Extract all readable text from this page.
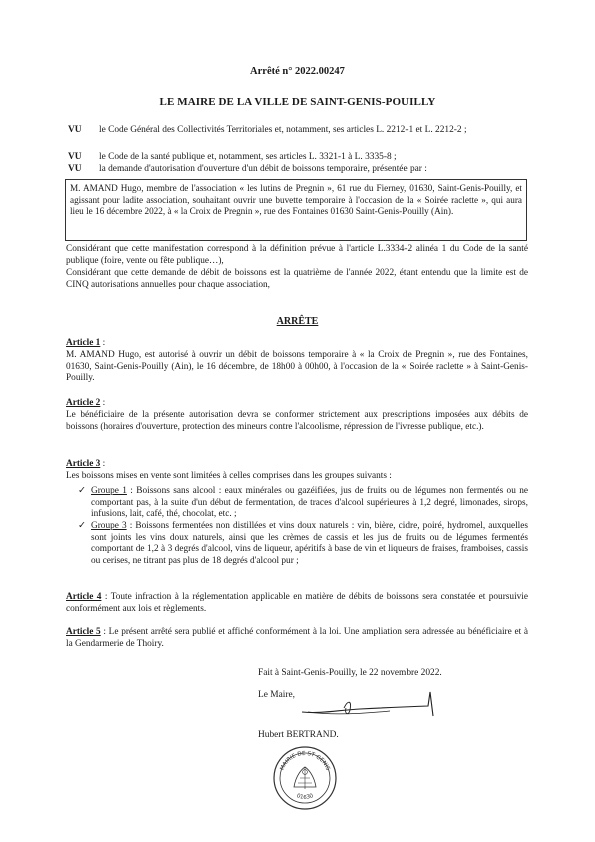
Arrêté n° 2022.00247
LE MAIRE DE LA VILLE DE SAINT-GENIS-POUILLY
VU le Code Général des Collectivités Territoriales et, notamment, ses articles L. 2212-1 et L. 2212-2 ;
VU le Code de la santé publique et, notamment, ses articles L. 3321-1 à L. 3335-8 ;
VU la demande d'autorisation d'ouverture d'un débit de boissons temporaire, présentée par :
M. AMAND Hugo, membre de l'association « les lutins de Pregnin », 61 rue du Fierney, 01630, Saint-Genis-Pouilly, et agissant pour ladite association, souhaitant ouvrir une buvette temporaire à l'occasion de la « Soirée raclette », qui aura lieu le 16 décembre 2022, à « la Croix de Pregnin », rue des Fontaines 01630 Saint-Genis-Pouilly (Ain).
Considérant que cette manifestation correspond à la définition prévue à l'article L.3334-2 alinéa 1 du Code de la santé publique (foire, vente ou fête publique…),
Considérant que cette demande de débit de boissons est la quatrième de l'année 2022, étant entendu que la limite est de CINQ autorisations annuelles pour chaque association,
ARRÊTE
Article 1 :
M. AMAND Hugo, est autorisé à ouvrir un débit de boissons temporaire à « la Croix de Pregnin », rue des Fontaines, 01630, Saint-Genis-Pouilly (Ain), le 16 décembre, de 18h00 à 00h00, à l'occasion de la « Soirée raclette » à Saint-Genis-Pouilly.
Article 2 :
Le bénéficiaire de la présente autorisation devra se conformer strictement aux prescriptions imposées aux débits de boissons (horaires d'ouverture, protection des mineurs contre l'alcoolisme, répression de l'ivresse publique, etc.).
Article 3 :
Les boissons mises en vente sont limitées à celles comprises dans les groupes suivants :
✓ Groupe 1 : Boissons sans alcool : eaux minérales ou gazéifiées, jus de fruits ou de légumes non fermentés ou ne comportant pas, à la suite d'un début de fermentation, de traces d'alcool supérieures à 1,2 degré, limonades, sirops, infusions, lait, café, thé, chocolat, etc. ;
✓ Groupe 3 : Boissons fermentées non distillées et vins doux naturels : vin, bière, cidre, poiré, hydromel, auxquelles sont joints les vins doux naturels, ainsi que les crèmes de cassis et les jus de fruits ou de légumes fermentés comportant de 1,2 à 3 degrés d'alcool, vins de liqueur, apéritifs à base de vin et liqueurs de fraises, framboises, cassis ou cerises, ne titrant pas plus de 18 degrés d'alcool pur ;
Article 4 : Toute infraction à la réglementation applicable en matière de débits de boissons sera constatée et poursuivie conformément aux lois et règlements.
Article 5 : Le présent arrêté sera publié et affiché conformément à la loi. Une ampliation sera adressée au bénéficiaire et à la Gendarmerie de Thoiry.
Fait à Saint-Genis-Pouilly, le 22 novembre 2022.
Le Maire,
Hubert BERTRAND.
MAIRIE DE ST GENIS
01630
